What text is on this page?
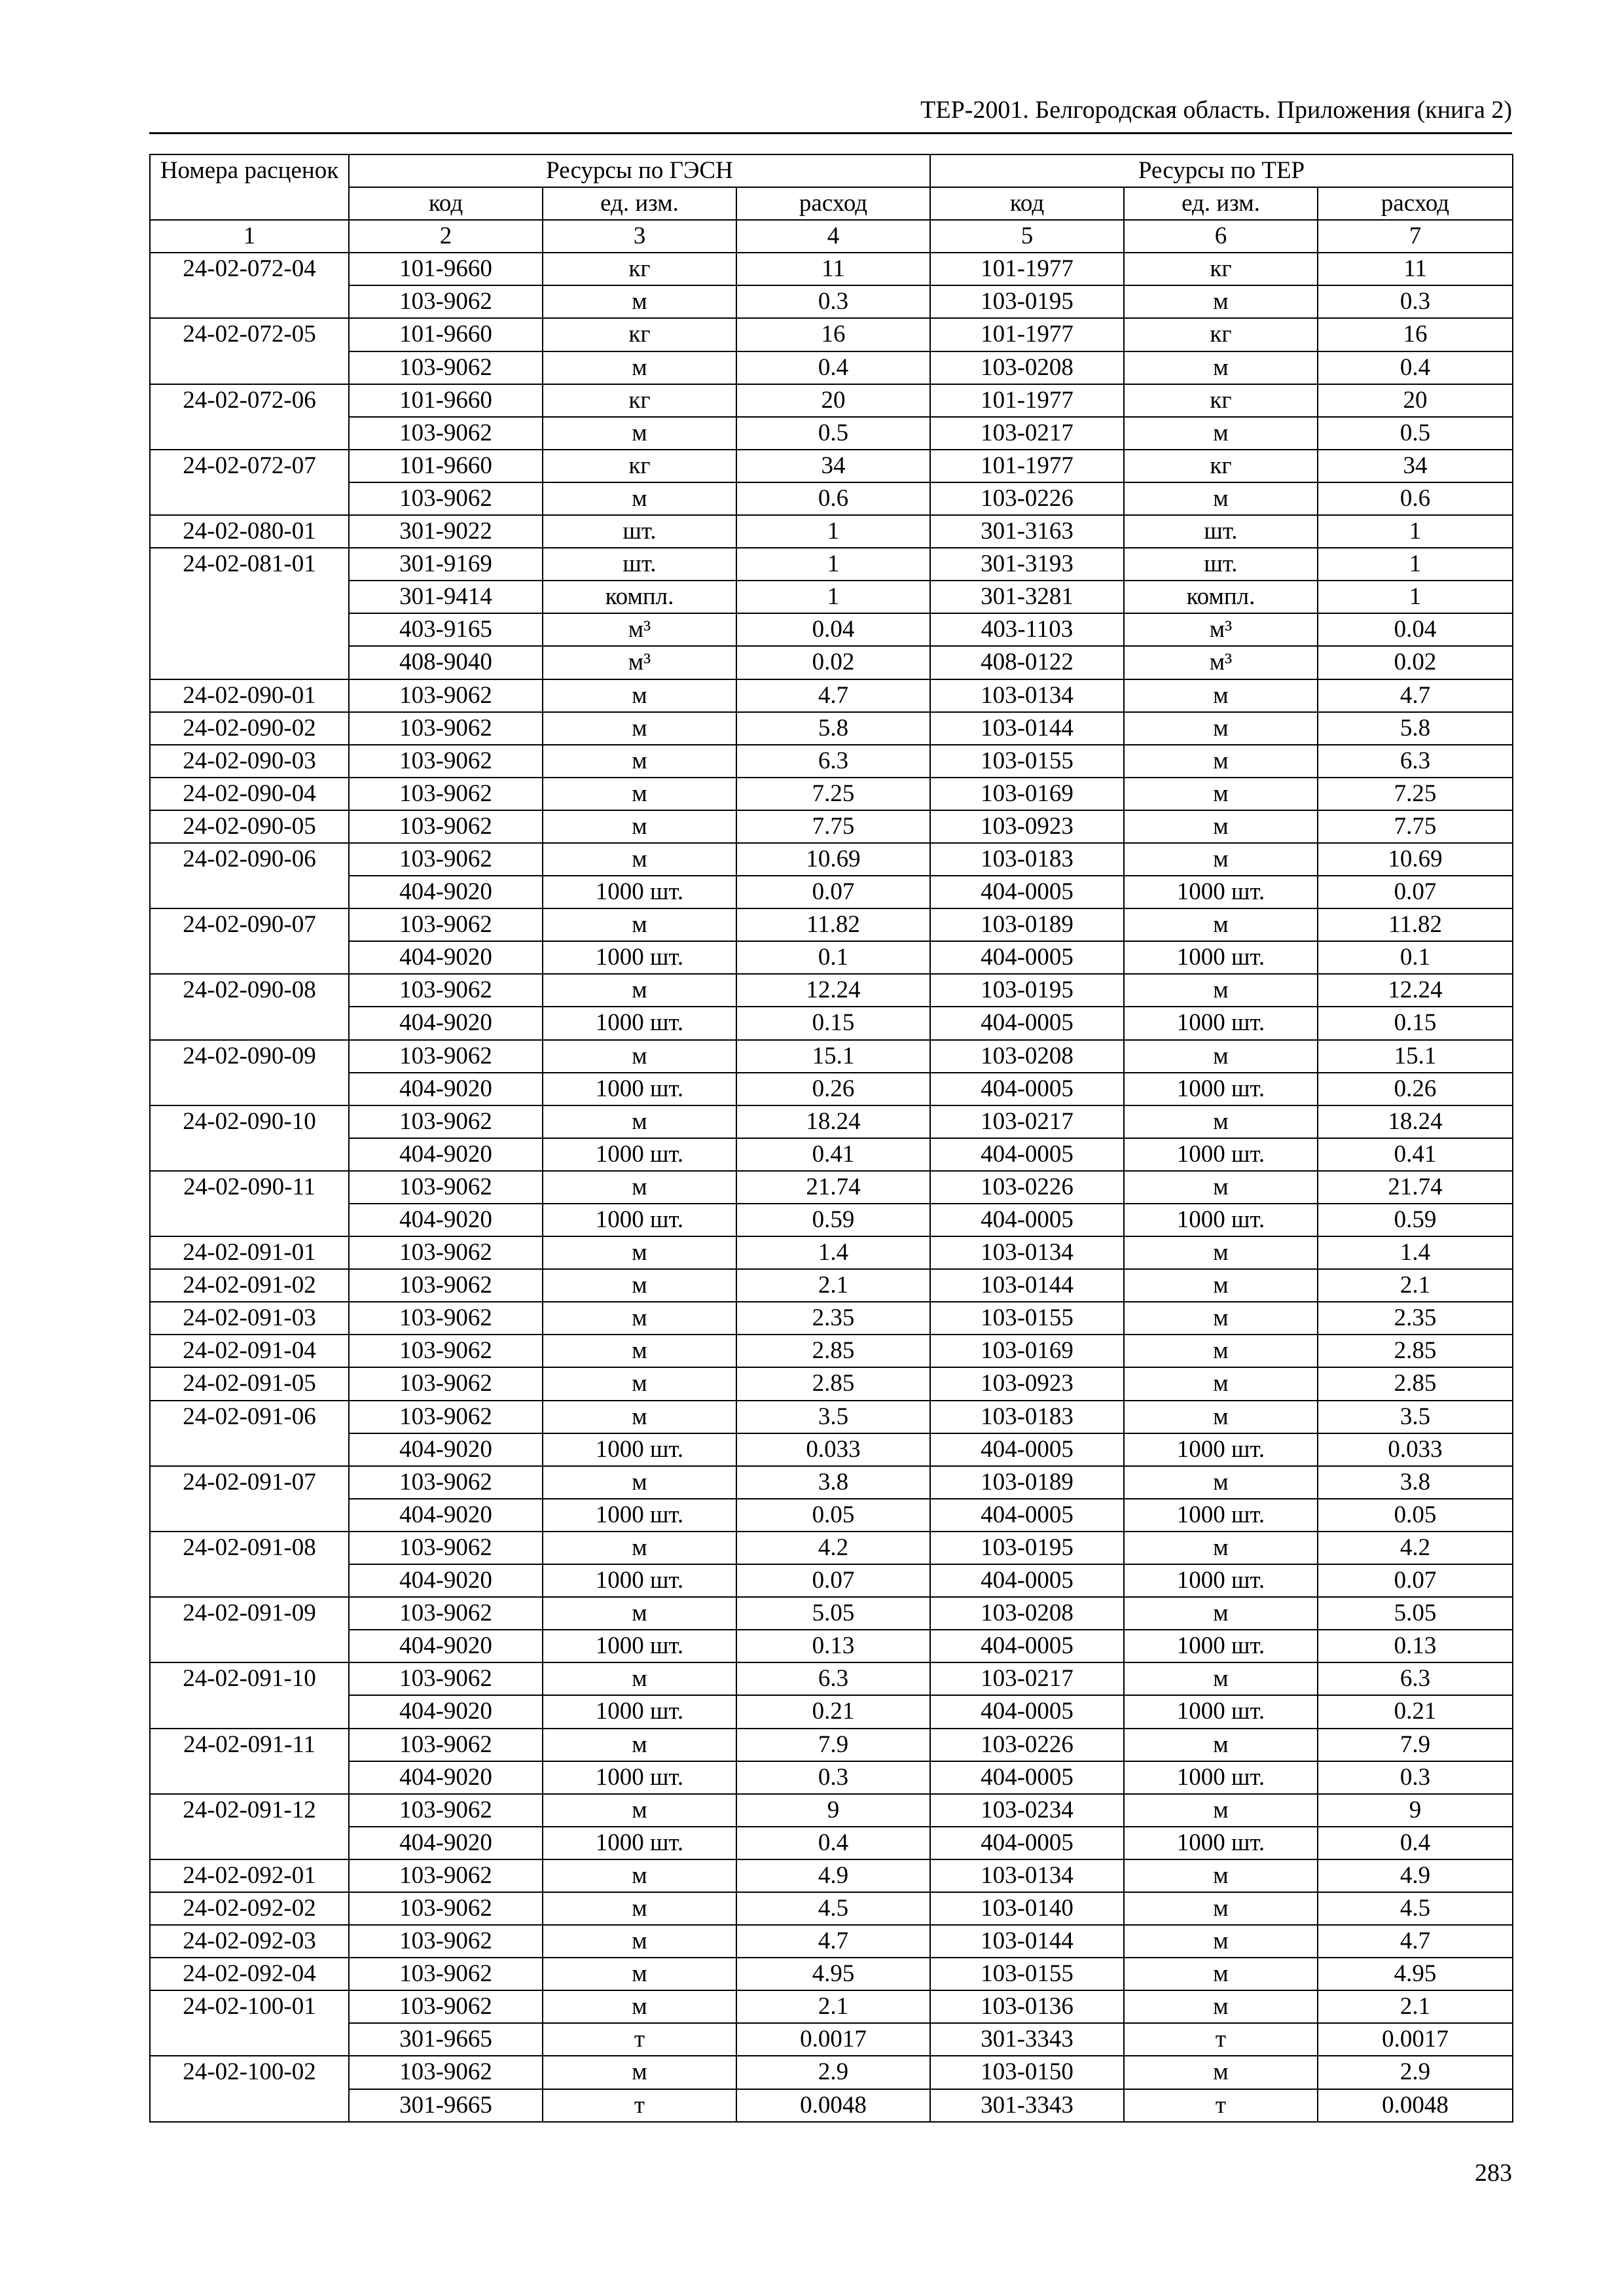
ТЕР-2001. Белгородская область. Приложения (книга 2)
Номера расценок	Ресурсы по ГЭСН			Ресурсы по ТЕР		
	код	ед. изм.	расход	код	ед. изм.	расход
1	2	3	4	5	6	7
24-02-072-04	101-9660	кг	11	101-1977	кг	11
	103-9062	м	0.3	103-0195	м	0.3
24-02-072-05	101-9660	кг	16	101-1977	кг	16
	103-9062	м	0.4	103-0208	м	0.4
24-02-072-06	101-9660	кг	20	101-1977	кг	20
	103-9062	м	0.5	103-0217	м	0.5
24-02-072-07	101-9660	кг	34	101-1977	кг	34
	103-9062	м	0.6	103-0226	м	0.6
24-02-080-01	301-9022	шт.	1	301-3163	шт.	1
24-02-081-01	301-9169	шт.	1	301-3193	шт.	1
	301-9414	компл.	1	301-3281	компл.	1
	403-9165	м³	0.04	403-1103	м³	0.04
	408-9040	м³	0.02	408-0122	м³	0.02
24-02-090-01	103-9062	м	4.7	103-0134	м	4.7
24-02-090-02	103-9062	м	5.8	103-0144	м	5.8
24-02-090-03	103-9062	м	6.3	103-0155	м	6.3
24-02-090-04	103-9062	м	7.25	103-0169	м	7.25
24-02-090-05	103-9062	м	7.75	103-0923	м	7.75
24-02-090-06	103-9062	м	10.69	103-0183	м	10.69
	404-9020	1000 шт.	0.07	404-0005	1000 шт.	0.07
24-02-090-07	103-9062	м	11.82	103-0189	м	11.82
	404-9020	1000 шт.	0.1	404-0005	1000 шт.	0.1
24-02-090-08	103-9062	м	12.24	103-0195	м	12.24
	404-9020	1000 шт.	0.15	404-0005	1000 шт.	0.15
24-02-090-09	103-9062	м	15.1	103-0208	м	15.1
	404-9020	1000 шт.	0.26	404-0005	1000 шт.	0.26
24-02-090-10	103-9062	м	18.24	103-0217	м	18.24
	404-9020	1000 шт.	0.41	404-0005	1000 шт.	0.41
24-02-090-11	103-9062	м	21.74	103-0226	м	21.74
	404-9020	1000 шт.	0.59	404-0005	1000 шт.	0.59
24-02-091-01	103-9062	м	1.4	103-0134	м	1.4
24-02-091-02	103-9062	м	2.1	103-0144	м	2.1
24-02-091-03	103-9062	м	2.35	103-0155	м	2.35
24-02-091-04	103-9062	м	2.85	103-0169	м	2.85
24-02-091-05	103-9062	м	2.85	103-0923	м	2.85
24-02-091-06	103-9062	м	3.5	103-0183	м	3.5
	404-9020	1000 шт.	0.033	404-0005	1000 шт.	0.033
24-02-091-07	103-9062	м	3.8	103-0189	м	3.8
	404-9020	1000 шт.	0.05	404-0005	1000 шт.	0.05
24-02-091-08	103-9062	м	4.2	103-0195	м	4.2
	404-9020	1000 шт.	0.07	404-0005	1000 шт.	0.07
24-02-091-09	103-9062	м	5.05	103-0208	м	5.05
	404-9020	1000 шт.	0.13	404-0005	1000 шт.	0.13
24-02-091-10	103-9062	м	6.3	103-0217	м	6.3
	404-9020	1000 шт.	0.21	404-0005	1000 шт.	0.21
24-02-091-11	103-9062	м	7.9	103-0226	м	7.9
	404-9020	1000 шт.	0.3	404-0005	1000 шт.	0.3
24-02-091-12	103-9062	м	9	103-0234	м	9
	404-9020	1000 шт.	0.4	404-0005	1000 шт.	0.4
24-02-092-01	103-9062	м	4.9	103-0134	м	4.9
24-02-092-02	103-9062	м	4.5	103-0140	м	4.5
24-02-092-03	103-9062	м	4.7	103-0144	м	4.7
24-02-092-04	103-9062	м	4.95	103-0155	м	4.95
24-02-100-01	103-9062	м	2.1	103-0136	м	2.1
	301-9665	т	0.0017	301-3343	т	0.0017
24-02-100-02	103-9062	м	2.9	103-0150	м	2.9
	301-9665	т	0.0048	301-3343	т	0.0048
283
